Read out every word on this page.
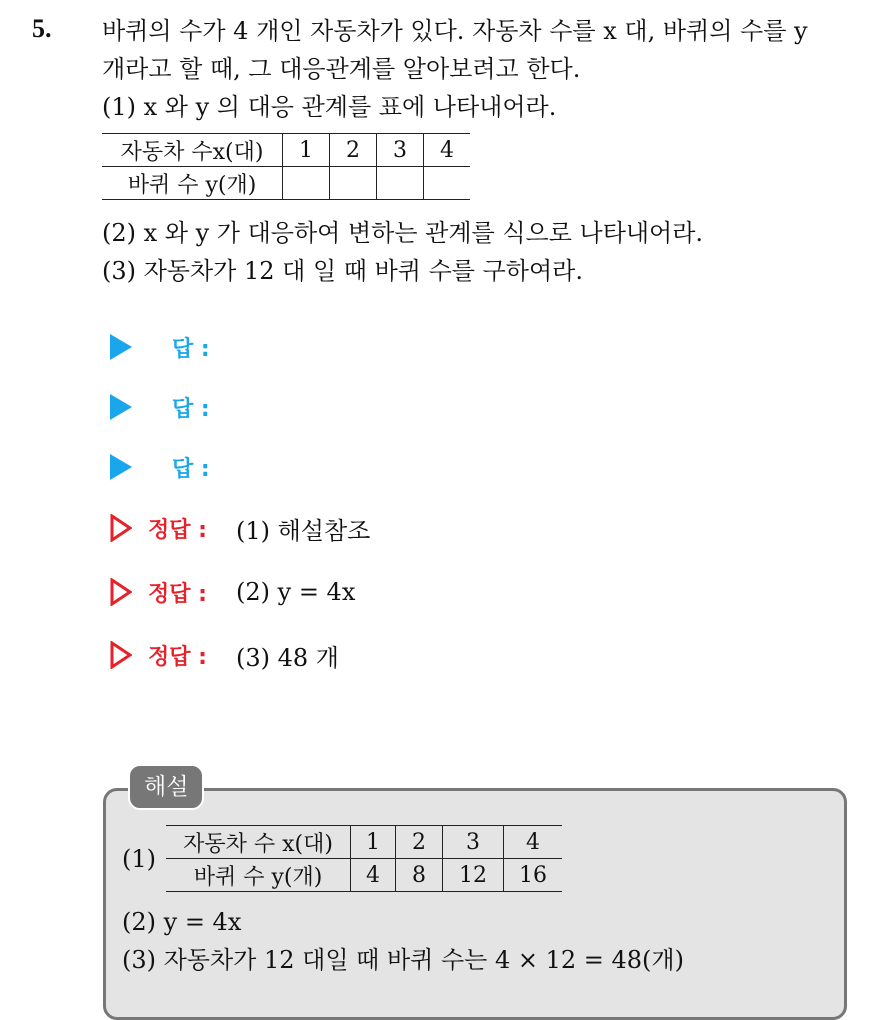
5. 바퀴의 수가 4 개인 자동차가 있다. 자동차 수를 x 대, 바퀴의 수를 y
개라고 할 때, 그 대응관계를 알아보려고 한다.
(1) x 와 y 의 대응 관계를 표에 나타내어라.
자동차 수x(대)	1	2	3	4
바퀴 수 y(개)				
(2) x 와 y 가 대응하여 변하는 관계를 식으로 나타내어라.
(3) 자동차가 12 대 일 때 바퀴 수를 구하여라.
답 :
답 :
답 :
정답 : (1) 해설참조
정답 : (2) y = 4x
정답 : (3) 48 개
해설
(1)
자동차 수 x(대)	1	2	3	4
바퀴 수 y(개)	4	8	12	16
(2) y = 4x
(3) 자동차가 12 대일 때 바퀴 수는 4 × 12 = 48(개)
